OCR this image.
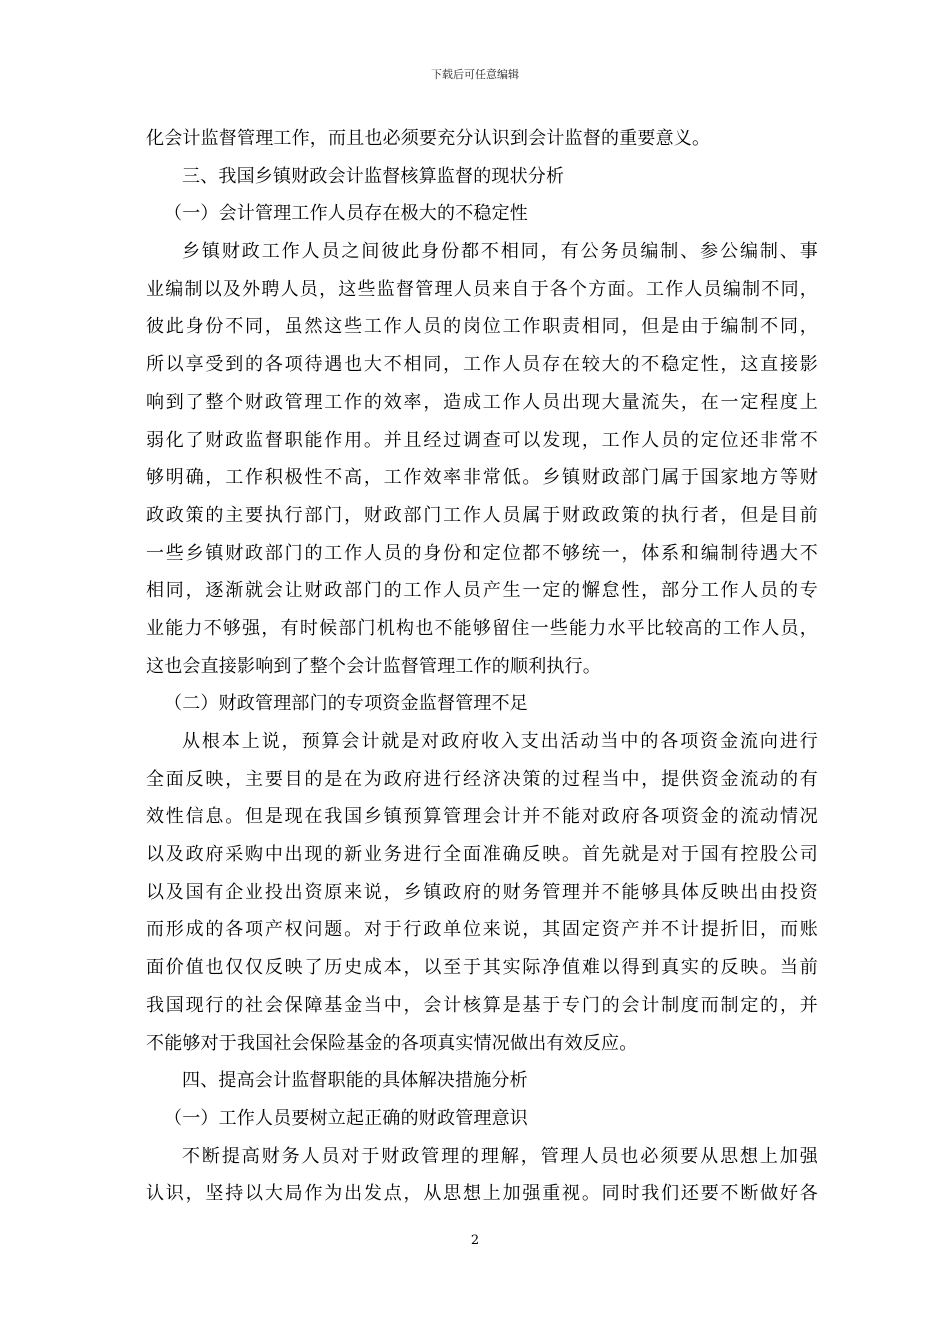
下载后可任意编辑
化会计监督管理工作，而且也必须要充分认识到会计监督的重要意义。
三、我国乡镇财政会计监督核算监督的现状分析
（一）会计管理工作人员存在极大的不稳定性
乡镇财政工作人员之间彼此身份都不相同，有公务员编制、参公编制、事
业编制以及外聘人员，这些监督管理人员来自于各个方面。工作人员编制不同，
彼此身份不同，虽然这些工作人员的岗位工作职责相同，但是由于编制不同，
所以享受到的各项待遇也大不相同，工作人员存在较大的不稳定性，这直接影
响到了整个财政管理工作的效率，造成工作人员出现大量流失，在一定程度上
弱化了财政监督职能作用。并且经过调查可以发现，工作人员的定位还非常不
够明确，工作积极性不高，工作效率非常低。乡镇财政部门属于国家地方等财
政政策的主要执行部门，财政部门工作人员属于财政政策的执行者，但是目前
一些乡镇财政部门的工作人员的身份和定位都不够统一，体系和编制待遇大不
相同，逐渐就会让财政部门的工作人员产生一定的懈怠性，部分工作人员的专
业能力不够强，有时候部门机构也不能够留住一些能力水平比较高的工作人员，
这也会直接影响到了整个会计监督管理工作的顺利执行。
（二）财政管理部门的专项资金监督管理不足
从根本上说，预算会计就是对政府收入支出活动当中的各项资金流向进行
全面反映，主要目的是在为政府进行经济决策的过程当中，提供资金流动的有
效性信息。但是现在我国乡镇预算管理会计并不能对政府各项资金的流动情况
以及政府采购中出现的新业务进行全面准确反映。首先就是对于国有控股公司
以及国有企业投出资原来说，乡镇政府的财务管理并不能够具体反映出由投资
而形成的各项产权问题。对于行政单位来说，其固定资产并不计提折旧，而账
面价值也仅仅反映了历史成本，以至于其实际净值难以得到真实的反映。当前
我国现行的社会保障基金当中，会计核算是基于专门的会计制度而制定的，并
不能够对于我国社会保险基金的各项真实情况做出有效反应。
四、提高会计监督职能的具体解决措施分析
（一）工作人员要树立起正确的财政管理意识
不断提高财务人员对于财政管理的理解，管理人员也必须要从思想上加强
认识，坚持以大局作为出发点，从思想上加强重视。同时我们还要不断做好各
2
